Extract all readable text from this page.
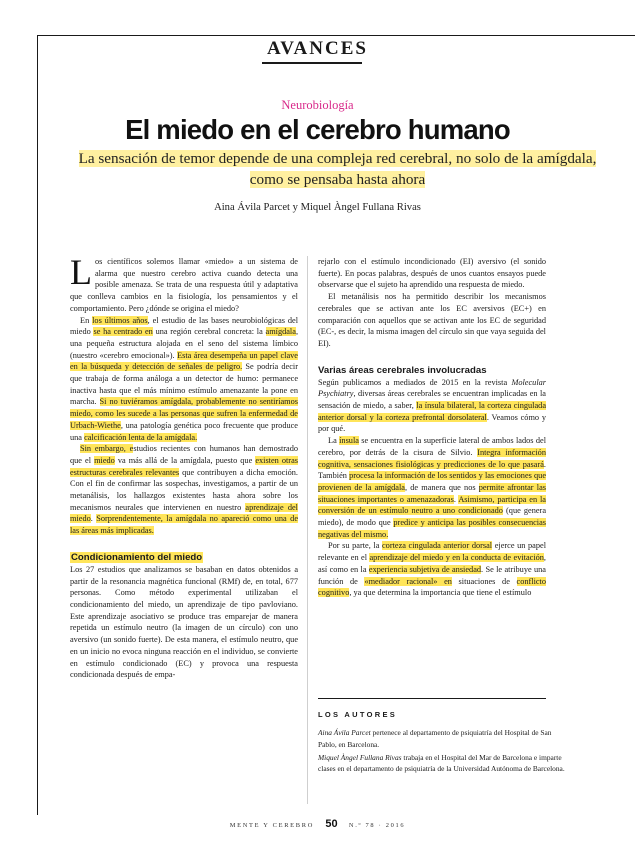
AVANCES
Neurobiología
El miedo en el cerebro humano
La sensación de temor depende de una compleja red cerebral, no solo de la amígdala, como se pensaba hasta ahora
Aina Ávila Parcet y Miquel Àngel Fullana Rivas

Los científicos solemos llamar «miedo» a un sistema de alarma que nuestro cerebro activa cuando detecta una posible amenaza. Se trata de una respuesta útil y adaptativa que conlleva cambios en la fisiología, los pensamientos y el comportamiento. Pero ¿dónde se origina el miedo?

En los últimos años, el estudio de las bases neurobiológicas del miedo se ha centrado en una región cerebral concreta: la amígdala, una pequeña estructura alojada en el seno del sistema límbico (nuestro «cerebro emocional»). Esta área desempeña un papel clave en la búsqueda y detección de señales de peligro. Se podría decir que trabaja de forma análoga a un detector de humo: permanece inactiva hasta que el más mínimo estímulo amenazante la pone en marcha. Si no tuviéramos amígdala, probablemente no sentiríamos miedo, como les sucede a las personas que sufren la enfermedad de Urbach-Wiethe, una patología genética poco frecuente que produce una calcificación lenta de la amígdala.

Sin embargo, estudios recientes con humanos han demostrado que el miedo va más allá de la amígdala, puesto que existen otras estructuras cerebrales relevantes que contribuyen a dicha emoción. Con el fin de confirmar las sospechas, investigamos, a partir de un metanálisis, los hallazgos existentes hasta ahora sobre los mecanismos neurales que intervienen en nuestro aprendizaje del miedo. Sorprendentemente, la amígdala no apareció como una de las áreas más implicadas.

Condicionamiento del miedo

Los 27 estudios que analizamos se basaban en datos obtenidos a partir de la resonancia magnética funcional (RMf) de, en total, 677 personas. Como método experimental utilizaban el condicionamiento del miedo, un aprendizaje de tipo pavloviano. Este aprendizaje asociativo se produce tras emparejar de manera repetida un estímulo neutro (la imagen de un círculo) con uno aversivo (un sonido fuerte). De esta manera, el estímulo neutro, que en un inicio no evoca ninguna reacción en el individuo, se convierte en estímulo condicionado (EC) y provoca una respuesta condicionada después de empa-

rejarlo con el estímulo incondicionado (EI) aversivo (el sonido fuerte). En pocas palabras, después de unos cuantos ensayos puede observarse que el sujeto ha aprendido una respuesta de miedo.

El metanálisis nos ha permitido describir los mecanismos cerebrales que se activan ante los EC aversivos (EC+) en comparación con aquellos que se activan ante los EC de seguridad (EC-, es decir, la misma imagen del círculo sin que vaya seguida del EI).

Varias áreas cerebrales involucradas

Según publicamos a mediados de 2015 en la revista Molecular Psychiatry, diversas áreas cerebrales se encuentran implicadas en la sensación de miedo, a saber, la ínsula bilateral, la corteza cingulada anterior dorsal y la corteza prefrontal dorsolateral. Veamos cómo y por qué.

La ínsula se encuentra en la superficie lateral de ambos lados del cerebro, por detrás de la cisura de Silvio. Integra información cognitiva, sensaciones fisiológicas y predicciones de lo que pasará. También procesa la información de los sentidos y las emociones que provienen de la amígdala, de manera que nos permite afrontar las situaciones importantes o amenazadoras. Asimismo, participa en la conversión de un estímulo neutro a uno condicionado (que genera miedo), de modo que predice y anticipa las posibles consecuencias negativas del mismo.

Por su parte, la corteza cingulada anterior dorsal ejerce un papel relevante en el aprendizaje del miedo y en la conducta de evitación, así como en la experiencia subjetiva de ansiedad. Se le atribuye una función de «mediador racional» en situaciones de conflicto cognitivo, ya que determina la importancia que tiene el estímulo

LOS AUTORES

Aina Ávila Parcet pertenece al departamento de psiquiatría del Hospital de San Pablo, en Barcelona.

Miquel Àngel Fullana Rivas trabaja en el Hospital del Mar de Barcelona e imparte clases en el departamento de psiquiatría de la Universidad Autónoma de Barcelona.

MENTE Y CEREBRO 50 N.º 78 · 2016
